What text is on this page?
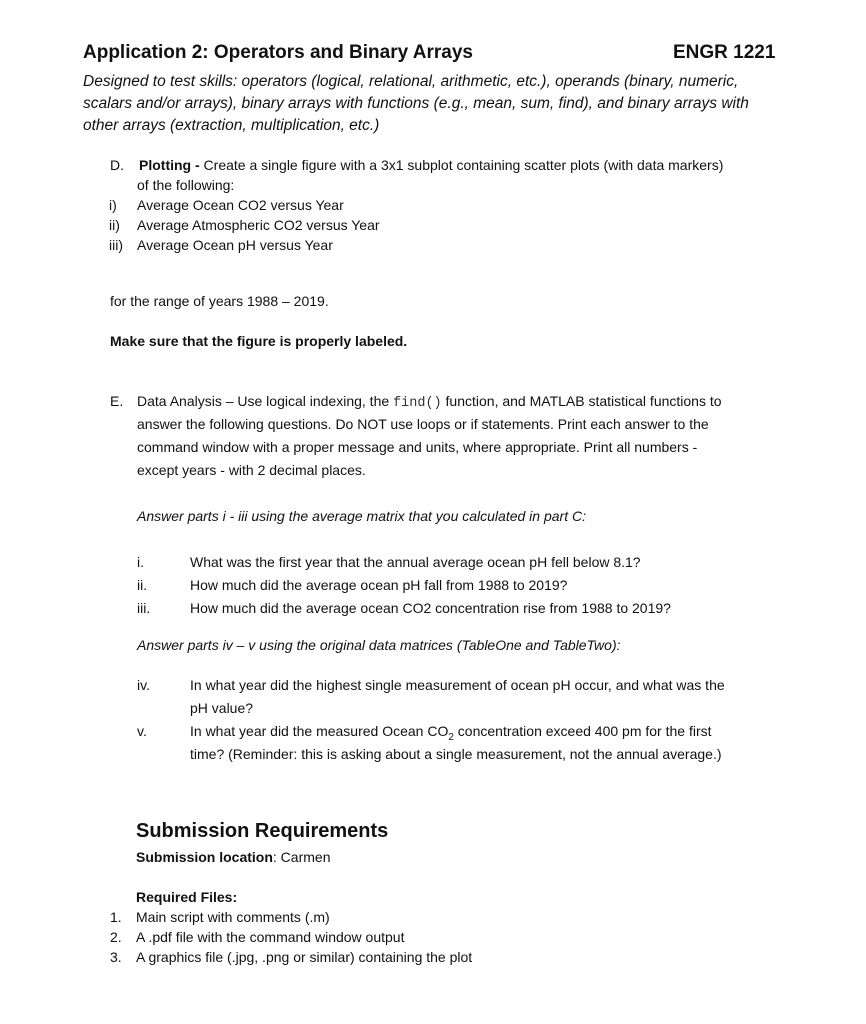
Application 2: Operators and Binary Arrays	ENGR 1221
Designed to test skills: operators (logical, relational, arithmetic, etc.), operands (binary, numeric, scalars and/or arrays), binary arrays with functions (e.g., mean, sum, find), and binary arrays with other arrays (extraction, multiplication, etc.)
D. Plotting - Create a single figure with a 3x1 subplot containing scatter plots (with data markers)
of the following:
i) Average Ocean CO2 versus Year
ii) Average Atmospheric CO2 versus Year
iii) Average Ocean pH versus Year
for the range of years 1988 – 2019.
Make sure that the figure is properly labeled.
E. Data Analysis – Use logical indexing, the find() function, and MATLAB statistical functions to
answer the following questions. Do NOT use loops or if statements. Print each answer to the
command window with a proper message and units, where appropriate. Print all numbers -
except years - with 2 decimal places.
Answer parts i - iii using the average matrix that you calculated in part C:
i.	What was the first year that the annual average ocean pH fell below 8.1?
ii.	How much did the average ocean pH fall from 1988 to 2019?
iii.	How much did the average ocean CO2 concentration rise from 1988 to 2019?
Answer parts iv – v using the original data matrices (TableOne and TableTwo):
iv.	In what year did the highest single measurement of ocean pH occur, and what was the
pH value?
v.	In what year did the measured Ocean $CO_2$ concentration exceed 400 pm for the first
time? (Reminder: this is asking about a single measurement, not the annual average.)
Submission Requirements
Submission location: Carmen
Required Files:
1. Main script with comments (.m)
2. A .pdf file with the command window output
3. A graphics file (.jpg, .png or similar) containing the plot
